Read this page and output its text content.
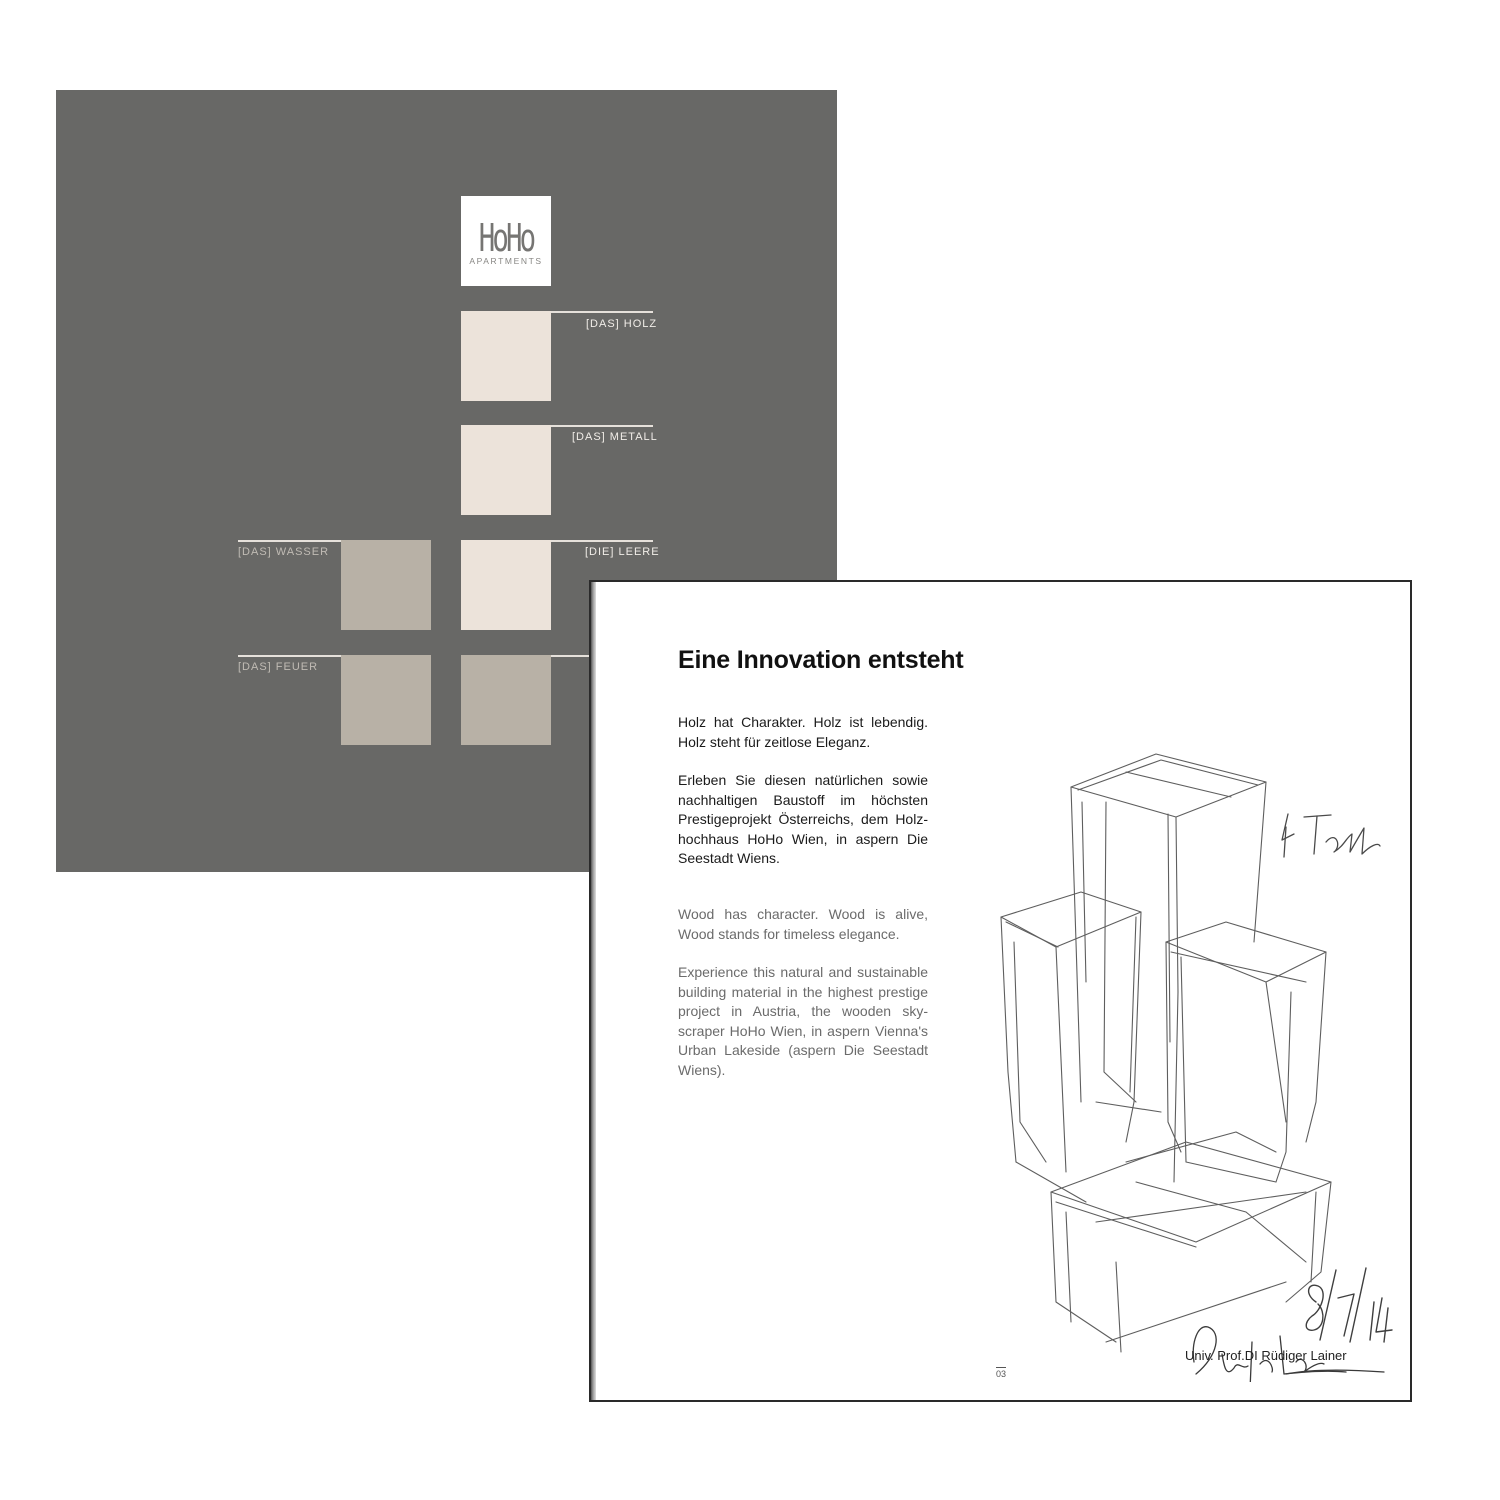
HoHo
APARTMENTS
[DAS] HOLZ
[DAS] METALL
[DIE] LEERE
[DAS] WASSER
[DAS] FEUER	Eine Innovation entsteht

Holz hat Charakter. Holz ist lebendig. Holz steht für zeitlose Eleganz.

Erleben Sie diesen natürlichen sowie nachhaltigen Baustoff im höchsten Prestigeprojekt Österreichs, dem Holz-hochhaus HoHo Wien, in aspern Die Seestadt Wiens.

Wood has character. Wood is alive, Wood stands for timeless elegance.

Experience this natural and sustainable building material in the highest prestige project in Austria, the wooden sky-scraper HoHo Wien, in aspern Vienna's Urban Lakeside (aspern Die Seestadt Wiens).

Univ. Prof.DI Rüdiger Lainer
03
